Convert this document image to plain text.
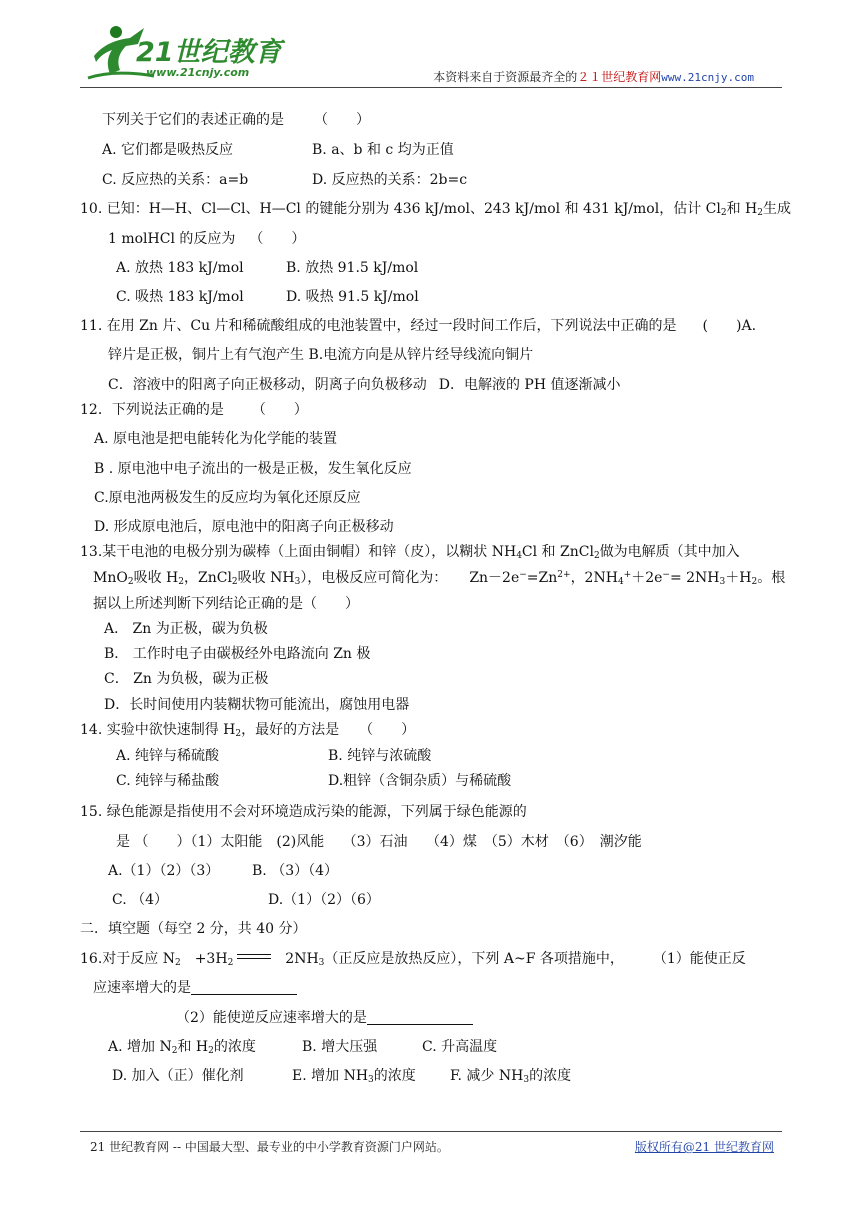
21世纪教育
www.21cnjy.com	本资料来自于资源最齐全的２１世纪教育网www.21cnjy.com
下列关于它们的表述正确的是 （　　）
A. 它们都是吸热反应	B. a、b 和 c 均为正值
C. 反应热的关系：a=b	D. 反应热的关系：2b=c
10. 已知：H—H、Cl—Cl、H—Cl 的键能分别为 436 kJ/mol、243 kJ/mol 和 431 kJ/mol，估计 $Cl_2$和 $H_2$生成
1 molHCl 的反应为 （　　）
A. 放热 183 kJ/mol	B. 放热 91.5 kJ/mol
C. 吸热 183 kJ/mol	D. 吸热 91.5 kJ/mol
11. 在用 Zn 片、Cu 片和稀硫酸组成的电池装置中，经过一段时间工作后，下列说法中正确的是 (　　)A.
锌片是正极，铜片上有气泡产生 B.电流方向是从锌片经导线流向铜片
C．溶液中的阳离子向正极移动，阴离子向负极移动 D．电解液的 PH 值逐渐减小
12．下列说法正确的是 （　　）
A. 原电池是把电能转化为化学能的装置
B . 原电池中电子流出的一极是正极，发生氧化反应
C.原电池两极发生的反应均为氧化还原反应
D. 形成原电池后，原电池中的阳离子向正极移动
13.某干电池的电极分别为碳棒（上面由铜帽）和锌（皮），以糊状 $NH_4Cl$ 和 ZnCl$_2$做为电解质（其中加入
MnO$_2$吸收 $H_2$，ZnCl$_2$吸收 $NH_3$），电极反应可简化为： $Zn-2e^-=Zn^{2+}$，$2NH_4^++2e^-= 2NH_3+H_2$。根
据以上所述判断下列结论正确的是（　　）
A． Zn 为正极，碳为负极
B． 工作时电子由碳极经外电路流向 Zn 极
C． Zn 为负极，碳为正极
D．长时间使用内装糊状物可能流出，腐蚀用电器
14. 实验中欲快速制得 $H_2$，最好的方法是 （　　）
A. 纯锌与稀硫酸	B. 纯锌与浓硫酸
C. 纯锌与稀盐酸	D.粗锌（含铜杂质）与稀硫酸
15. 绿色能源是指使用不会对环境造成污染的能源，下列属于绿色能源的
是 （　　）（1）太阳能　(2)风能　 （3）石油　 （4）煤　（5）木材　（6）　潮汐能
A.（1）（2）（3） B. （3）（4）
C. （4）	D.（1）（2）（6）
二．填空题（每空 2 分，共 40 分）
16.对于反应 $N_2$　$+3H_2$	$2NH_3$（正反应是放热反应），下列 A~F 各项措施中，	（1）能使正反
应速率增大的是
（2）能使逆反应速率增大的是
A. 增加 $N_2$和 $H_2$的浓度	B. 增大压强	C. 升高温度
D. 加入（正）催化剂	E. 增加 $NH_3$的浓度 F. 减少 $NH_3$的浓度
21 世纪教育网 -- 中国最大型、最专业的中小学教育资源门户网站。	版权所有@21 世纪教育网
